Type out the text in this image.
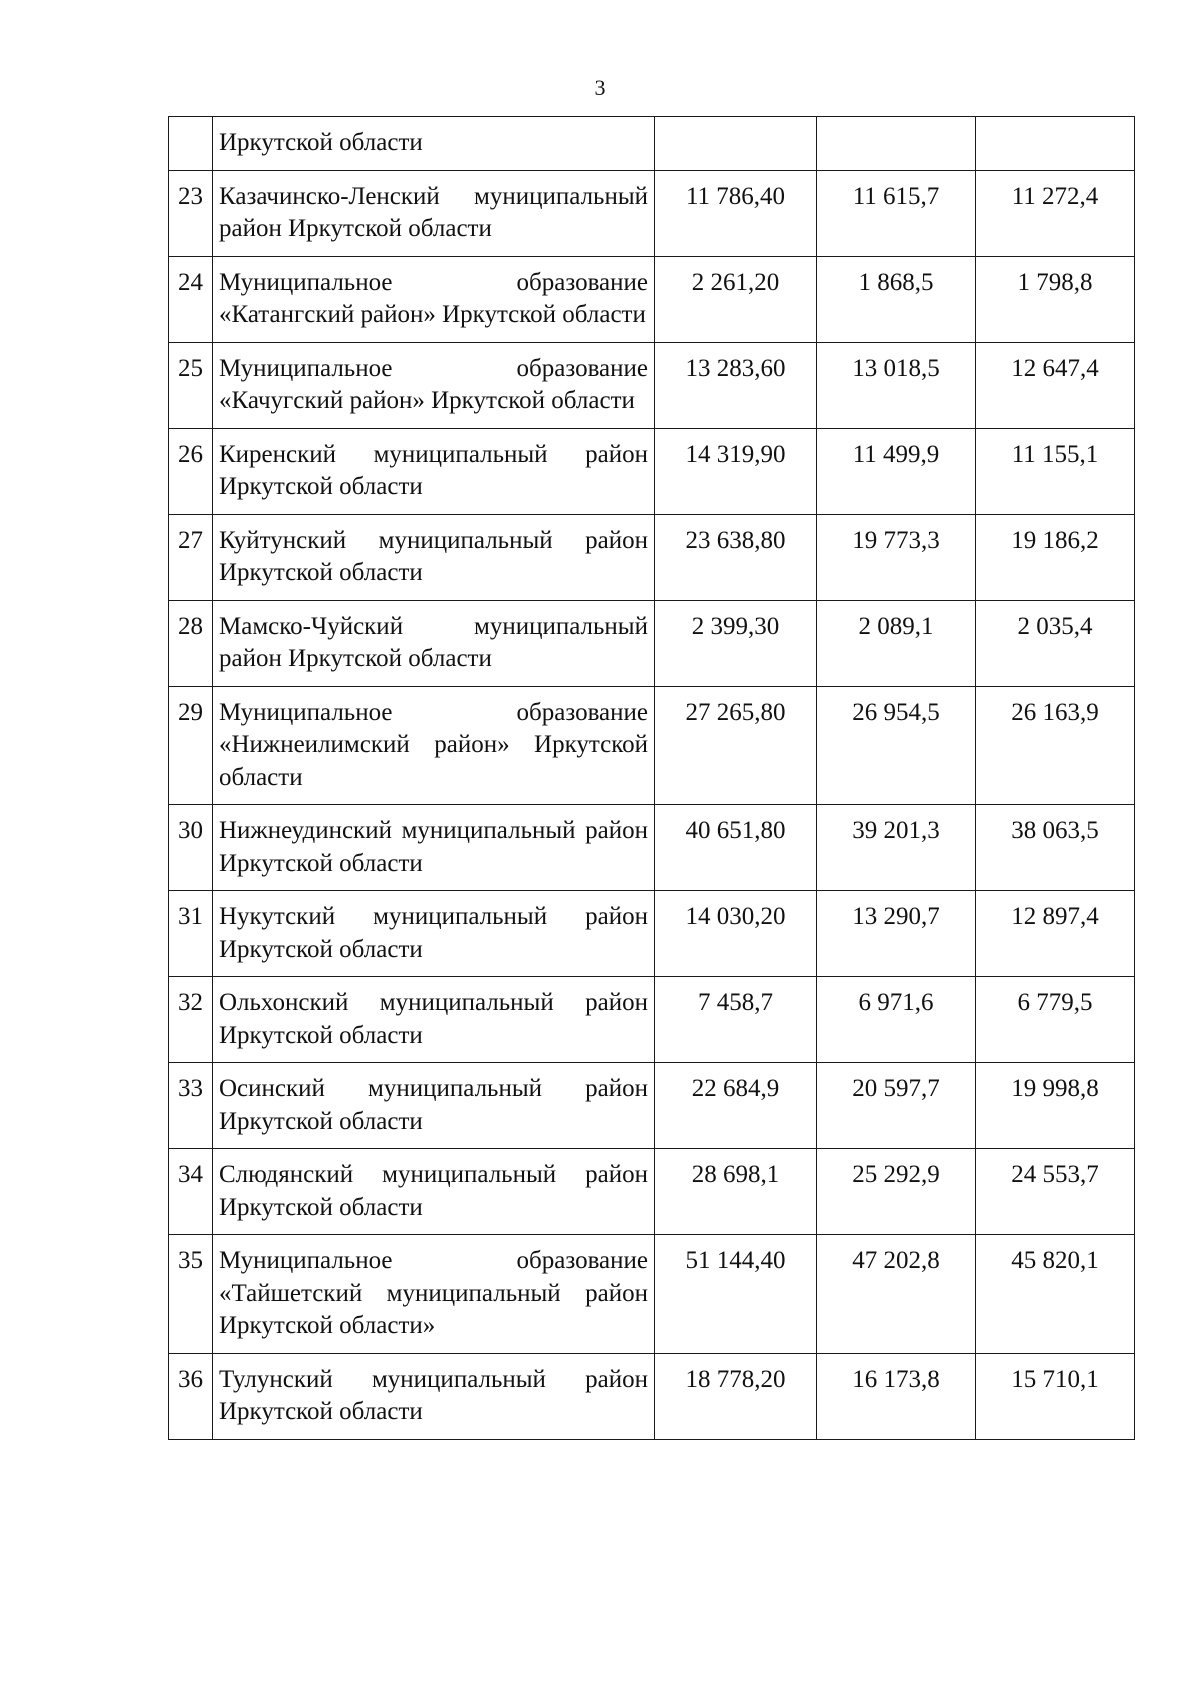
3
	Иркутской области			
23	Казачинско-Ленский муниципальный район Иркутской области	11 786,40	11 615,7	11 272,4
24	Муниципальное образование «Катангский район» Иркутской области	2 261,20	1 868,5	1 798,8
25	Муниципальное образование «Качугский район» Иркутской области	13 283,60	13 018,5	12 647,4
26	Киренский муниципальный район Иркутской области	14 319,90	11 499,9	11 155,1
27	Куйтунский муниципальный район Иркутской области	23 638,80	19 773,3	19 186,2
28	Мамско-Чуйский муниципальный район Иркутской области	2 399,30	2 089,1	2 035,4
29	Муниципальное образование «Нижнеилимский район» Иркутской области	27 265,80	26 954,5	26 163,9
30	Нижнеудинский муниципальный район Иркутской области	40 651,80	39 201,3	38 063,5
31	Нукутский муниципальный район Иркутской области	14 030,20	13 290,7	12 897,4
32	Ольхонский муниципальный район Иркутской области	7 458,7	6 971,6	6 779,5
33	Осинский муниципальный район Иркутской области	22 684,9	20 597,7	19 998,8
34	Слюдянский муниципальный район Иркутской области	28 698,1	25 292,9	24 553,7
35	Муниципальное образование «Тайшетский муниципальный район Иркутской области»	51 144,40	47 202,8	45 820,1
36	Тулунский муниципальный район Иркутской области	18 778,20	16 173,8	15 710,1
